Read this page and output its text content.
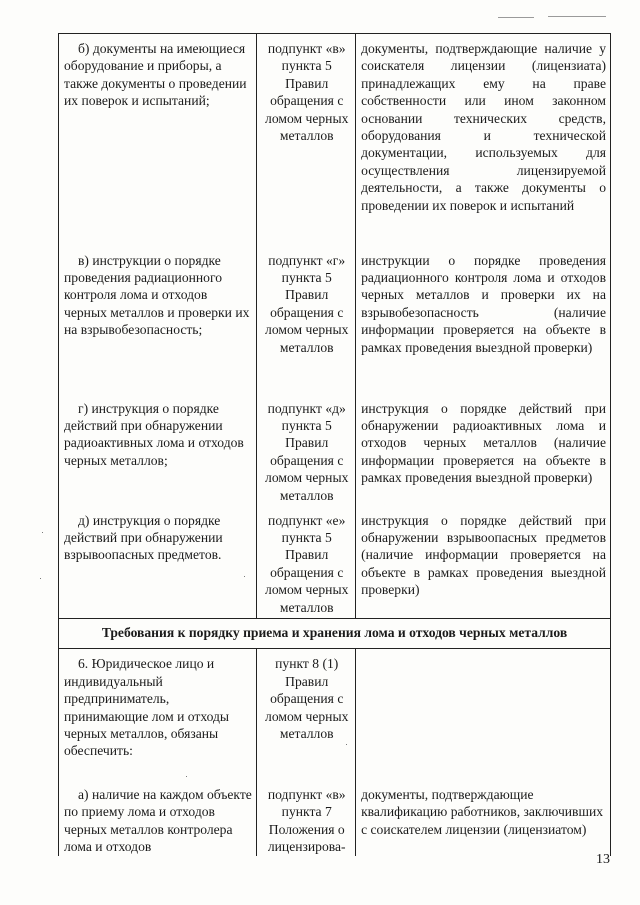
б) документы на имеющиеся оборудование и приборы, а также документы о проведении их поверок и испытаний;	подпункт «в» пункта 5 Правил обращения с ломом черных металлов	документы, подтверждающие наличие у соискателя лицензии (лицензиата) принадлежащих ему на праве собственности или ином законном основании технических средств, оборудования и технической документации, используемых для осуществления лицензируемой деятельности, а также документы о проведении их поверок и испытаний
в) инструкции о порядке проведения радиационного контроля лома и отходов черных металлов и проверки их на взрывобезопасность;	подпункт «г» пункта 5 Правил обращения с ломом черных металлов	инструкции о порядке проведения радиационного контроля лома и отходов черных металлов и проверки их на взрывобезопасность (наличие информации проверяется на объекте в рамках проведения выездной проверки)
г) инструкция о порядке действий при обнаружении радиоактивных лома и отходов черных металлов;	подпункт «д» пункта 5 Правил обращения с ломом черных металлов	инструкция о порядке действий при обнаружении радиоактивных лома и отходов черных металлов (наличие информации проверяется на объекте в рамках проведения выездной проверки)
д) инструкция о порядке действий при обнаружении взрывоопасных предметов.	подпункт «е» пункта 5 Правил обращения с ломом черных металлов	инструкция о порядке действий при обнаружении взрывоопасных предметов (наличие информации проверяется на объекте в рамках проведения выездной проверки)
Требования к порядку приема и хранения лома и отходов черных металлов		
6. Юридическое лицо и индивидуальный предприниматель, принимающие лом и отходы черных металлов, обязаны обеспечить:	пункт 8 (1) Правил обращения с ломом черных металлов	
а) наличие на каждом объекте по приему лома и отходов черных металлов контролера лома и отходов	подпункт «в» пункта 7 Положения о лицензирова-	документы, подтверждающие квалификацию работников, заключивших с соискателем лицензии (лицензиатом)
13
